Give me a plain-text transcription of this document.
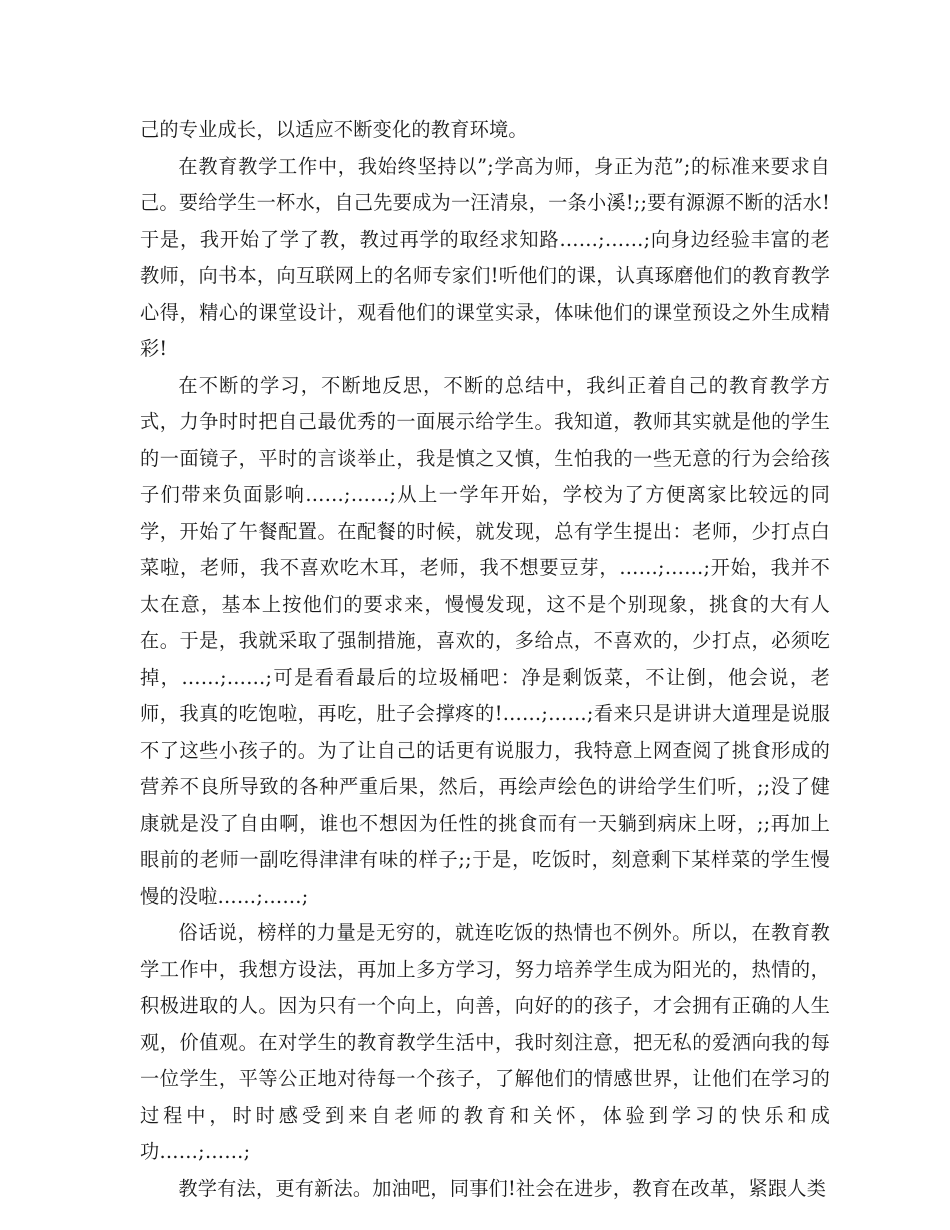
己的专业成长，以适应不断变化的教育环境。

在教育教学工作中，我始终坚持以”;学高为师，身正为范”;的标准来要求自己。要给学生一杯水，自己先要成为一汪清泉，一条小溪!;;要有源源不断的活水!于是，我开始了学了教，教过再学的取经求知路……;……;向身边经验丰富的老教师，向书本，向互联网上的名师专家们!听他们的课，认真琢磨他们的教育教学心得，精心的课堂设计，观看他们的课堂实录，体味他们的课堂预设之外生成精彩!

在不断的学习，不断地反思，不断的总结中，我纠正着自己的教育教学方式，力争时时把自己最优秀的一面展示给学生。我知道，教师其实就是他的学生的一面镜子，平时的言谈举止，我是慎之又慎，生怕我的一些无意的行为会给孩子们带来负面影响……;……;从上一学年开始，学校为了方便离家比较远的同学，开始了午餐配置。在配餐的时候，就发现，总有学生提出：老师，少打点白菜啦，老师，我不喜欢吃木耳，老师，我不想要豆芽，……;……;开始，我并不太在意，基本上按他们的要求来，慢慢发现，这不是个别现象，挑食的大有人在。于是，我就采取了强制措施，喜欢的，多给点，不喜欢的，少打点，必须吃掉，……;……;可是看看最后的垃圾桶吧：净是剩饭菜，不让倒，他会说，老师，我真的吃饱啦，再吃，肚子会撑疼的!……;……;看来只是讲讲大道理是说服不了这些小孩子的。为了让自己的话更有说服力，我特意上网查阅了挑食形成的营养不良所导致的各种严重后果，然后，再绘声绘色的讲给学生们听，;;没了健康就是没了自由啊，谁也不想因为任性的挑食而有一天躺到病床上呀，;;再加上眼前的老师一副吃得津津有味的样子;;于是，吃饭时，刻意剩下某样菜的学生慢慢的没啦……;……;

俗话说，榜样的力量是无穷的，就连吃饭的热情也不例外。所以，在教育教学工作中，我想方设法，再加上多方学习，努力培养学生成为阳光的，热情的，积极进取的人。因为只有一个向上，向善，向好的的孩子，才会拥有正确的人生观，价值观。在对学生的教育教学生活中，我时刻注意，把无私的爱洒向我的每一位学生，平等公正地对待每一个孩子，了解他们的情感世界，让他们在学习的过程中，时时感受到来自老师的教育和关怀，体验到学习的快乐和成功……;……;

教学有法，更有新法。加油吧，同事们!社会在进步，教育在改革，紧跟人类
